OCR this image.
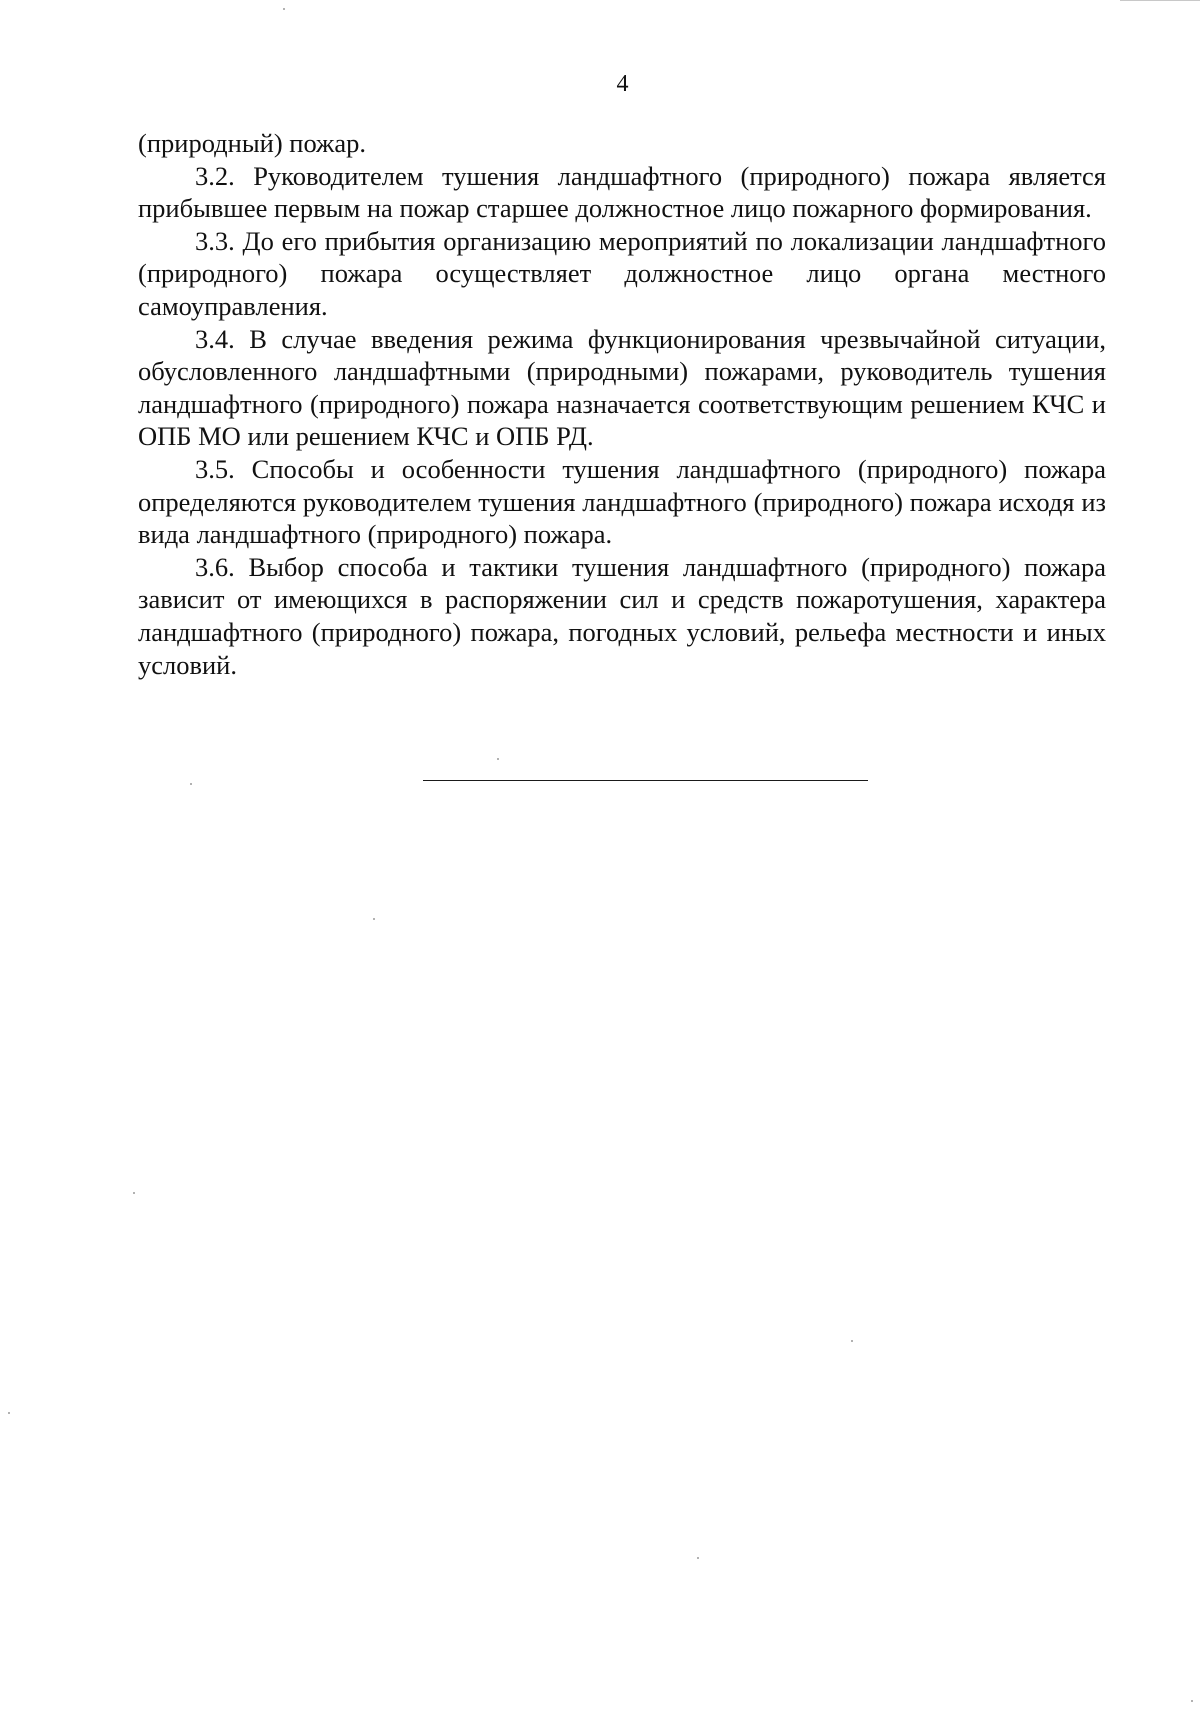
4

(природный) пожар.

3.2. Руководителем тушения ландшафтного (природного) пожара является прибывшее первым на пожар старшее должностное лицо пожарного формирования.

3.3. До его прибытия организацию мероприятий по локализации ландшафтного (природного) пожара осуществляет должностное лицо органа местного самоуправления.

3.4. В случае введения режима функционирования чрезвычайной ситуации, обусловленного ландшафтными (природными) пожарами, руководитель тушения ландшафтного (природного) пожара назначается соответствующим решением КЧС и ОПБ МО или решением КЧС и ОПБ РД.

3.5. Способы и особенности тушения ландшафтного (природного) пожара определяются руководителем тушения ландшафтного (природного) пожара исходя из вида ландшафтного (природного) пожара.

3.6. Выбор способа и тактики тушения ландшафтного (природного) пожара зависит от имеющихся в распоряжении сил и средств пожаротушения, характера ландшафтного (природного) пожара, погодных условий, рельефа местности и иных условий.
